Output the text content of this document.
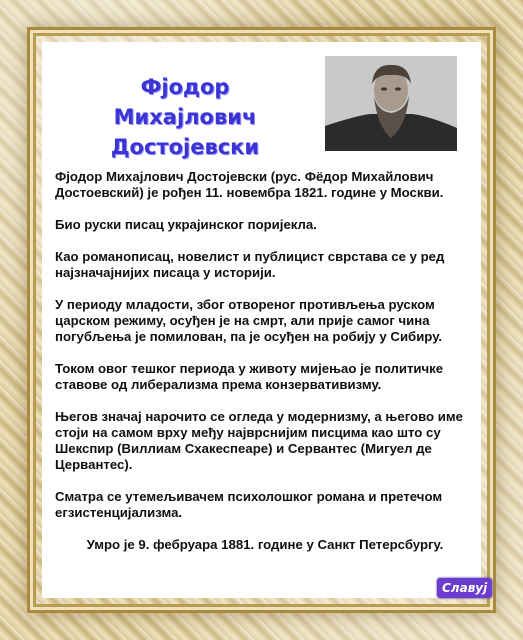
Фјодор Михајлович
Достојевски

Фјодор Михајлович Достојевски (рус. Фёдор Михайлович Достоевский) је рођен 11. новембра 1821. године у Москви.

Био руски писац украјинског поријекла.

Као романописац, новелист и публицист сврстава се у ред најзначајнијих писаца у историји.

У периоду младости, због отвореног противљења руском царском режиму, осуђен је на смрт, али прије самог чина погубљења је помилован, па је осуђен на робију у Сибиру.

Током овог тешког периода у животу мијењао је политичке ставове од либерализма према конзервативизму.

Његов значај нарочито се огледа у модернизму, а његово име стоји на самом врху међу најврснијим писцима као што су Шекспир (Виллиам Схакеспеаре) и Сервантес (Мигуел де Цервантес).

Сматра се утемељивачем психолошког романа и претечом егзистенцијализма.

Умро је 9. фебруара 1881. године у Санкт Петерсбургу.

Славуј
